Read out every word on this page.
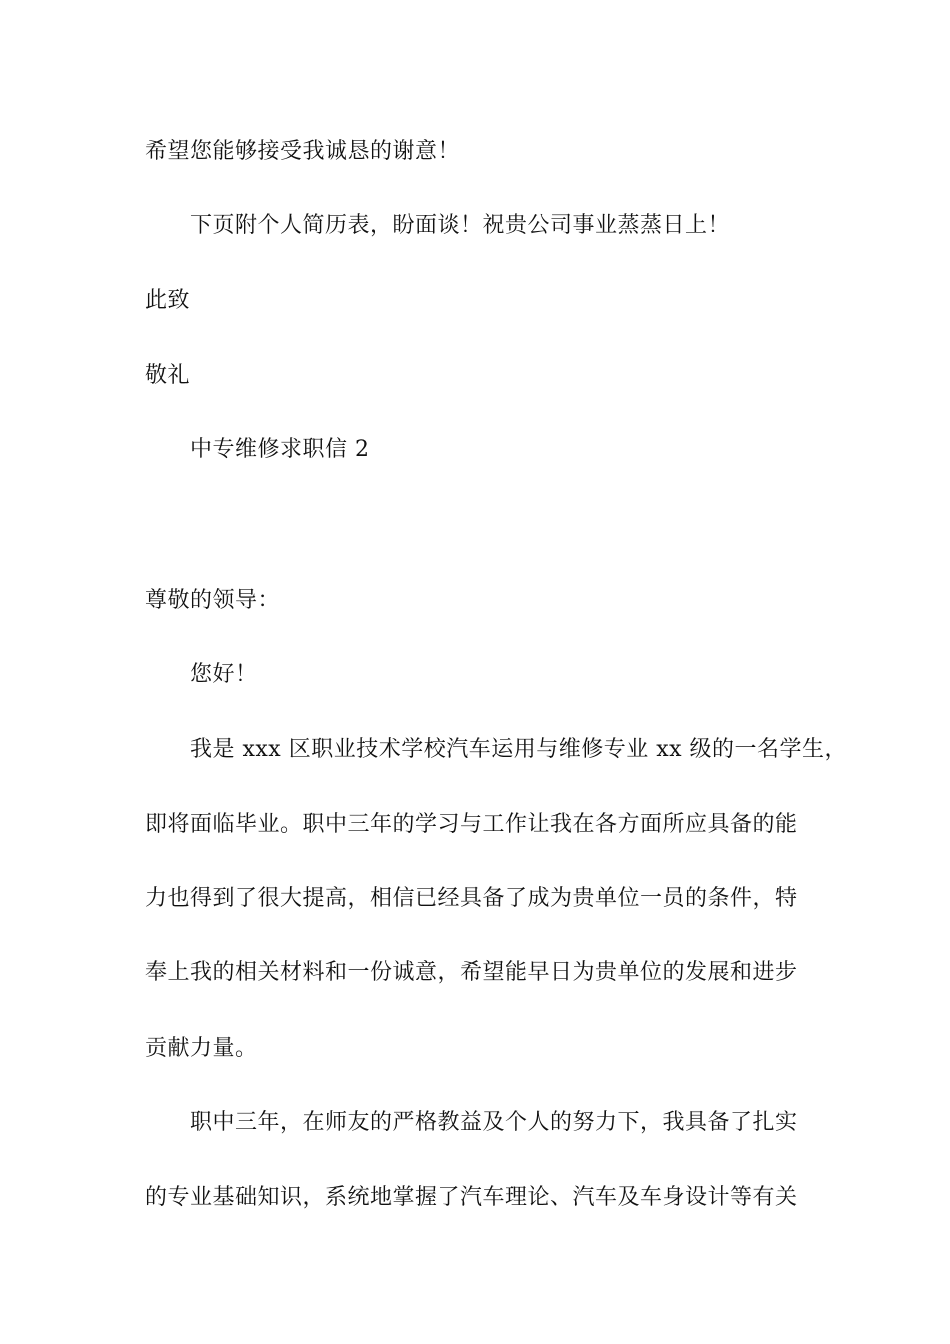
希望您能够接受我诚恳的谢意！
下页附个人简历表，盼面谈！祝贵公司事业蒸蒸日上！
此致
敬礼
中专维修求职信 2
尊敬的领导：
您好！
我是 xxx 区职业技术学校汽车运用与维修专业 xx 级的一名学生，
即将面临毕业。职中三年的学习与工作让我在各方面所应具备的能
力也得到了很大提高，相信已经具备了成为贵单位一员的条件，特
奉上我的相关材料和一份诚意，希望能早日为贵单位的发展和进步
贡献力量。
职中三年，在师友的严格教益及个人的努力下，我具备了扎实
的专业基础知识，系统地掌握了汽车理论、汽车及车身设计等有关
